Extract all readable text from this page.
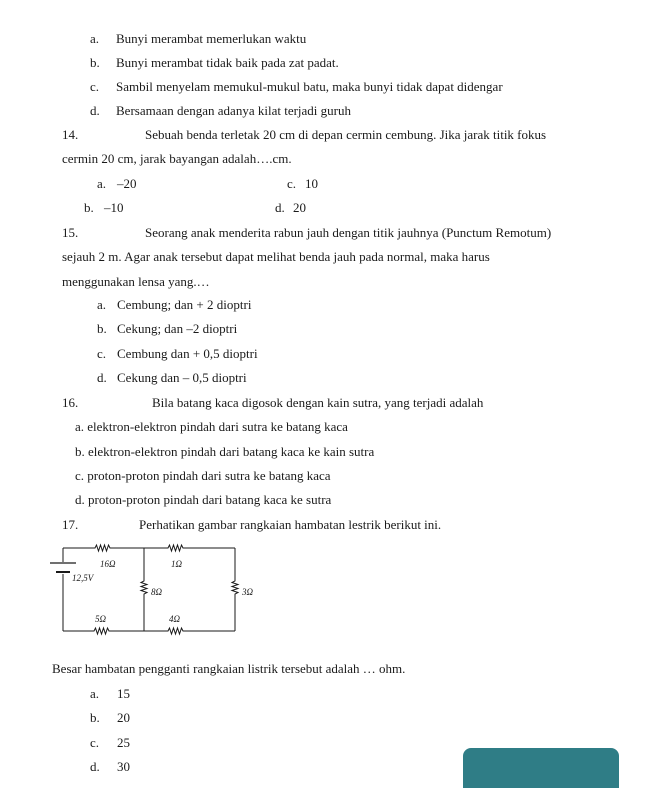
a. Bunyi merambat memerlukan waktu
b. Bunyi merambat tidak baik pada zat padat.
c. Sambil menyelam memukul-mukul batu, maka bunyi tidak dapat didengar
d. Bersamaan dengan adanya kilat terjadi guruh
14.	Sebuah benda terletak 20 cm di depan cermin cembung. Jika jarak titik fokus
cermin 20 cm, jarak bayangan adalah….cm.
a. –20	c. 10
b. –10	d. 20
15.	Seorang anak menderita rabun jauh dengan titik jauhnya (Punctum Remotum)
sejauh 2 m. Agar anak tersebut dapat melihat benda jauh pada normal, maka harus
menggunakan lensa yang.…
a. Cembung; dan + 2 dioptri
b. Cekung; dan –2 dioptri
c. Cembung dan + 0,5 dioptri
d. Cekung dan – 0,5 dioptri
16.	Bila batang kaca digosok dengan kain sutra, yang terjadi adalah
a. elektron-elektron pindah dari sutra ke batang kaca
b. elektron-elektron pindah dari batang kaca ke kain sutra
c. proton-proton pindah dari sutra ke batang kaca
d. proton-proton pindah dari batang kaca ke sutra
17.	Perhatikan gambar rangkaian hambatan lestrik berikut ini.
16Ω	1Ω
12,5V
8Ω	3Ω
5Ω	4Ω
Besar hambatan pengganti rangkaian listrik tersebut adalah … ohm.
a. 15
b. 20
c. 25
d. 30
